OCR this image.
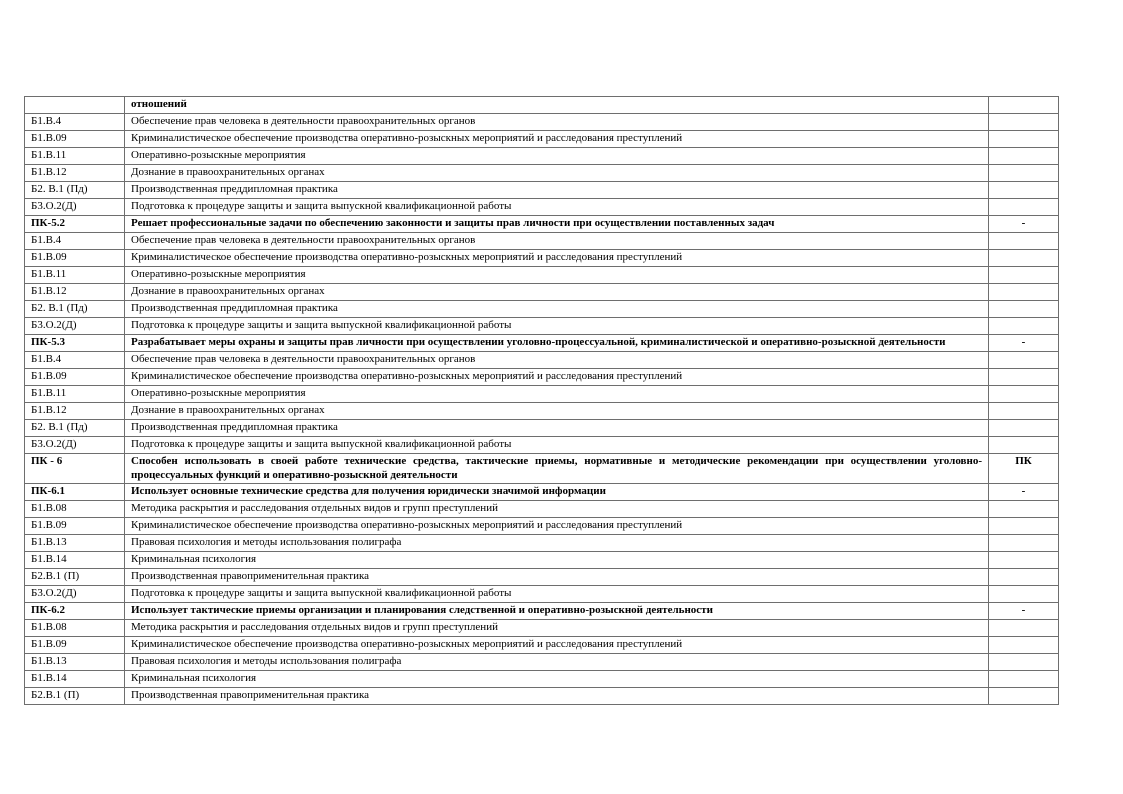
	отношений	
Б1.В.4	Обеспечение прав человека в деятельности правоохранительных органов	
Б1.В.09	Криминалистическое обеспечение производства оперативно-розыскных мероприятий и расследования преступлений	
Б1.В.11	Оперативно-розыскные мероприятия	
Б1.В.12	Дознание в правоохранительных органах	
Б2. В.1 (Пд)	Производственная преддипломная практика	
Б3.О.2(Д)	Подготовка к процедуре защиты и защита выпускной квалификационной работы	
ПК-5.2	Решает профессиональные задачи по обеспечению законности и защиты прав личности при осуществлении поставленных задач	-
Б1.В.4	Обеспечение прав человека в деятельности правоохранительных органов	
Б1.В.09	Криминалистическое обеспечение производства оперативно-розыскных мероприятий и расследования преступлений	
Б1.В.11	Оперативно-розыскные мероприятия	
Б1.В.12	Дознание в правоохранительных органах	
Б2. В.1 (Пд)	Производственная преддипломная практика	
Б3.О.2(Д)	Подготовка к процедуре защиты и защита выпускной квалификационной работы	
ПК-5.3	Разрабатывает меры охраны и защиты прав личности при осуществлении уголовно-процессуальной, криминалистической и оперативно-розыскной деятельности	-
Б1.В.4	Обеспечение прав человека в деятельности правоохранительных органов	
Б1.В.09	Криминалистическое обеспечение производства оперативно-розыскных мероприятий и расследования преступлений	
Б1.В.11	Оперативно-розыскные мероприятия	
Б1.В.12	Дознание в правоохранительных органах	
Б2. В.1 (Пд)	Производственная преддипломная практика	
Б3.О.2(Д)	Подготовка к процедуре защиты и защита выпускной квалификационной работы	
ПК - 6	Способен использовать в своей работе технические средства, тактические приемы, нормативные и методические рекомендации при осуществлении уголовно-процессуальных функций и оперативно-розыскной деятельности	ПК
ПК-6.1	Использует основные технические средства для получения юридически значимой информации	-
Б1.В.08	Методика раскрытия и расследования отдельных видов и групп преступлений	
Б1.В.09	Криминалистическое обеспечение производства оперативно-розыскных мероприятий и расследования преступлений	
Б1.В.13	Правовая психология и методы использования полиграфа	
Б1.В.14	Криминальная психология	
Б2.В.1 (П)	Производственная правоприменительная практика	
Б3.О.2(Д)	Подготовка к процедуре защиты и защита выпускной квалификационной работы	
ПК-6.2	Использует тактические приемы организации и планирования следственной и оперативно-розыскной деятельности	-
Б1.В.08	Методика раскрытия и расследования отдельных видов и групп преступлений	
Б1.В.09	Криминалистическое обеспечение производства оперативно-розыскных мероприятий и расследования преступлений	
Б1.В.13	Правовая психология и методы использования полиграфа	
Б1.В.14	Криминальная психология	
Б2.В.1 (П)	Производственная правоприменительная практика	
